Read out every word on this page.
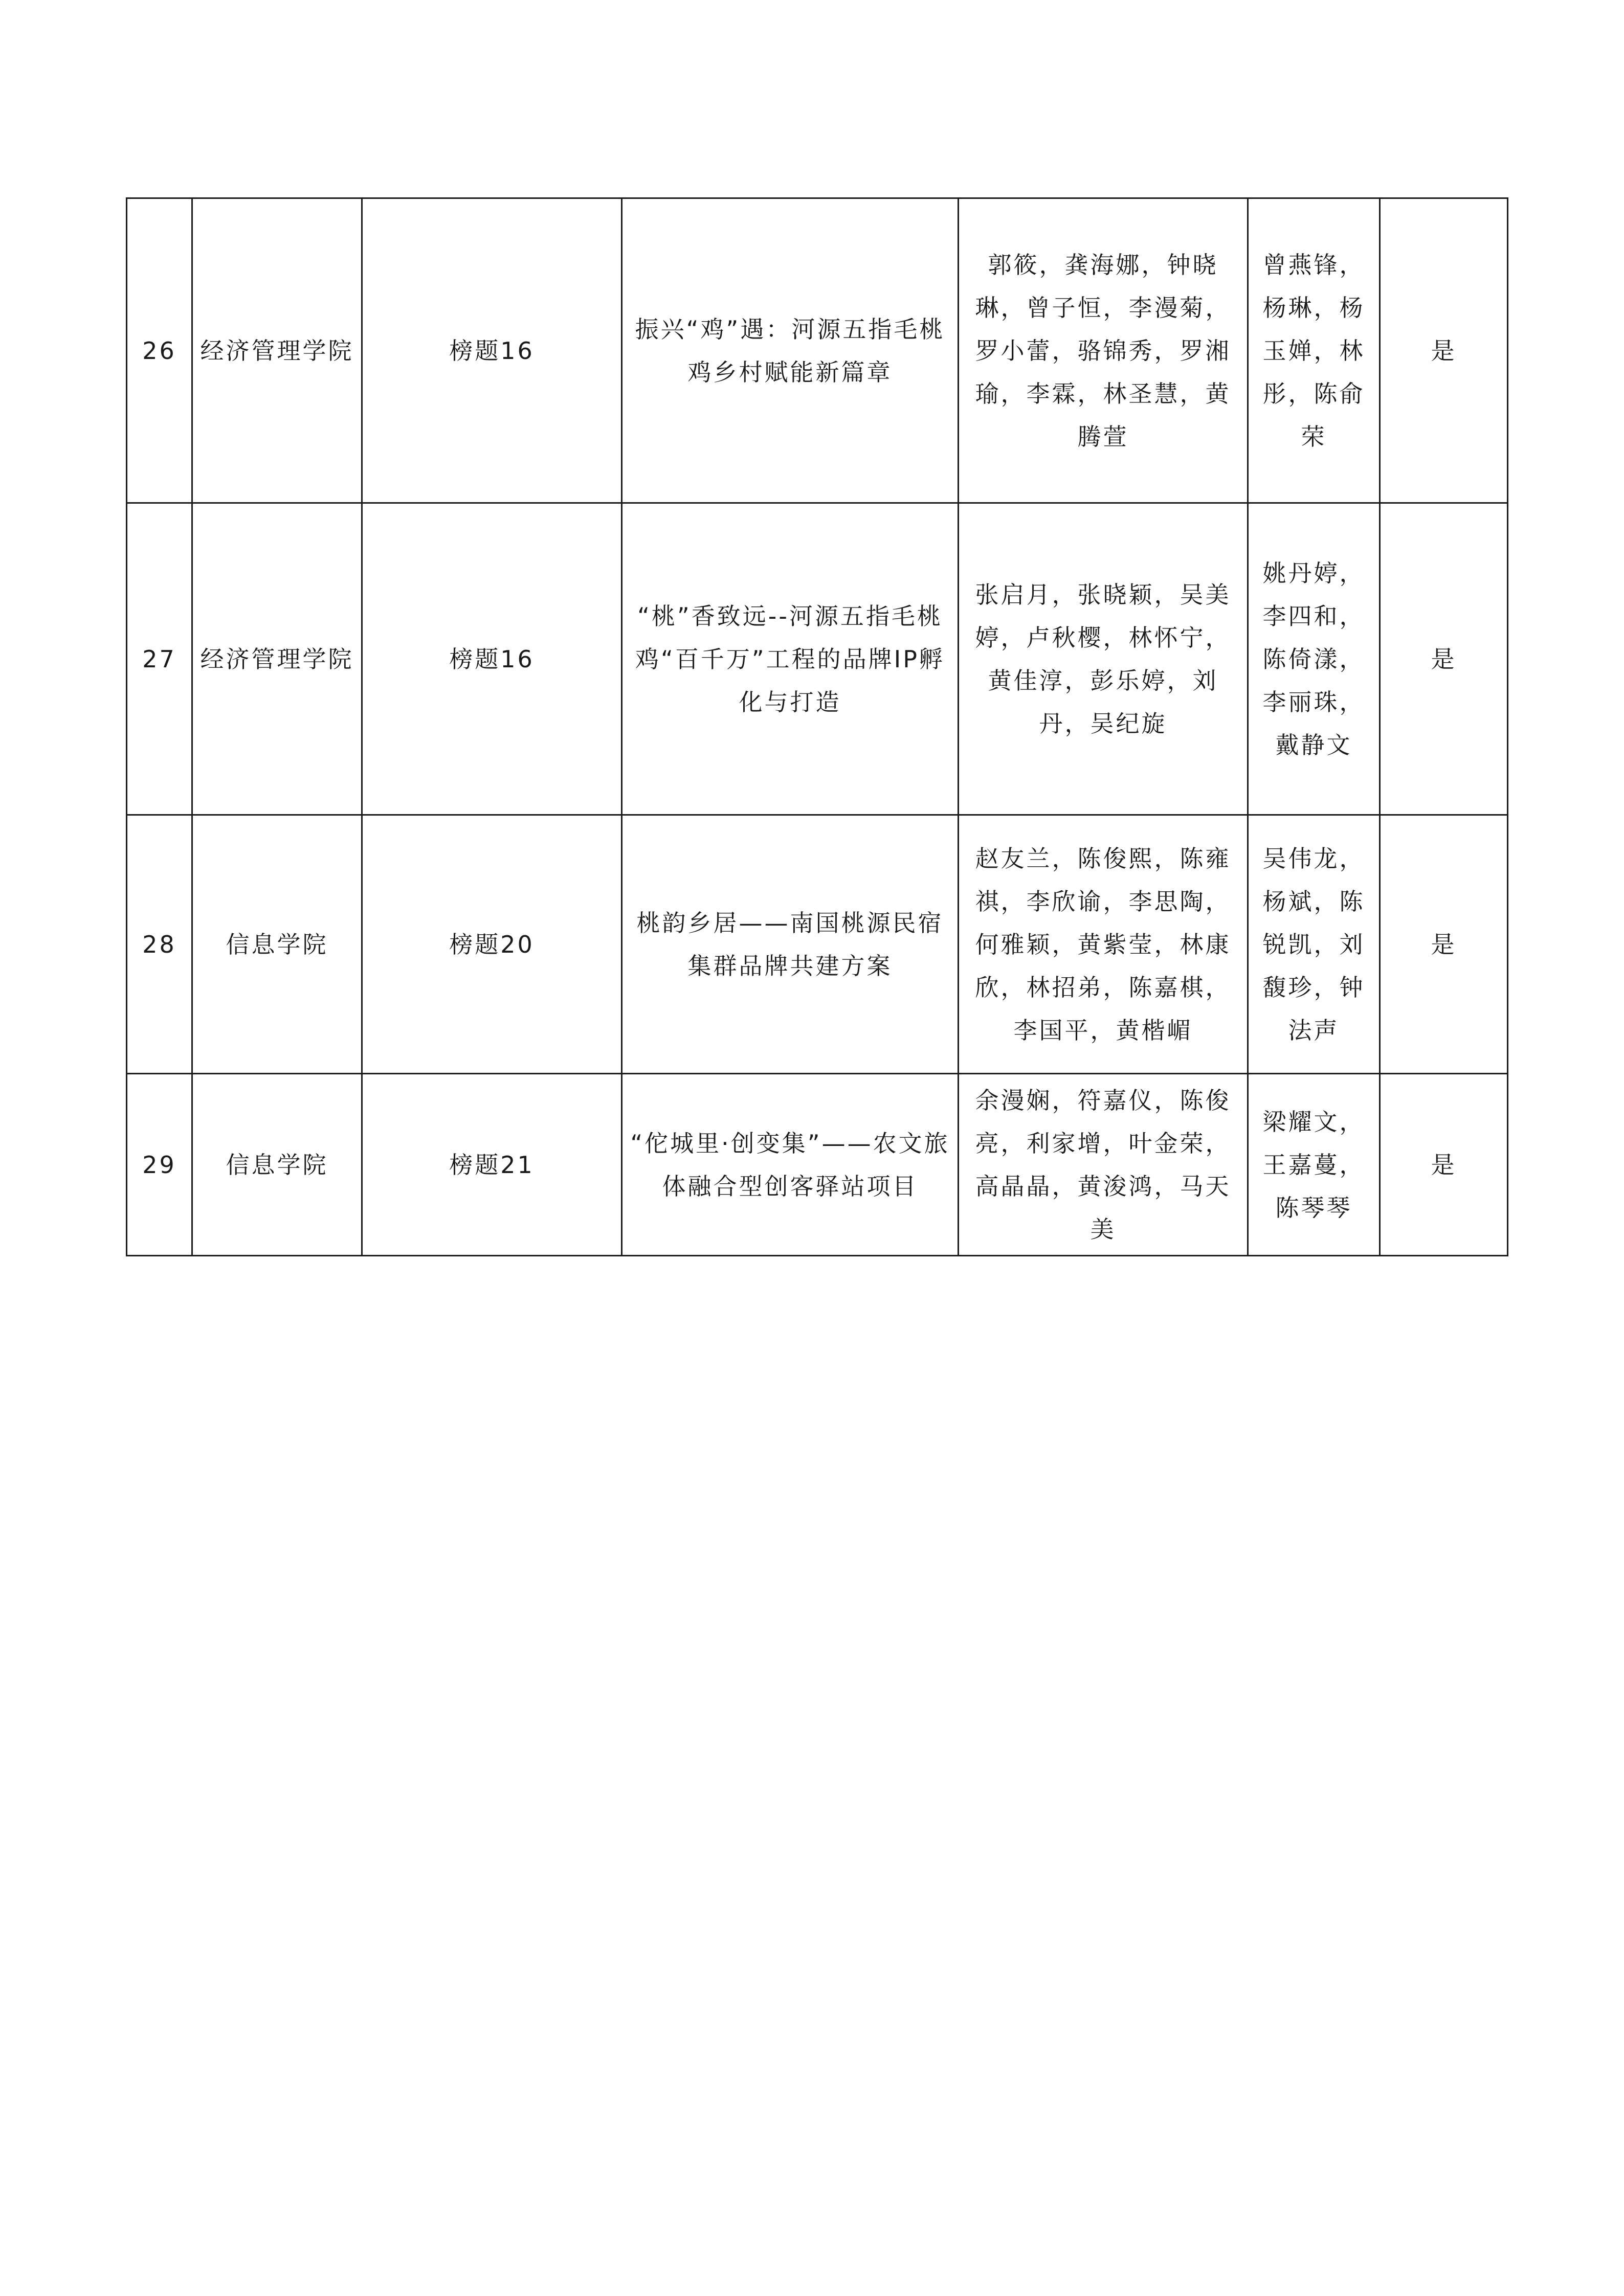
26	经济管理学院	榜题16	振兴“鸡”遇：河源五指毛桃鸡乡村赋能新篇章	郭筱，龚海娜，钟晓琳，曾子恒，李漫菊，罗小蕾，骆锦秀，罗湘瑜，李霖，林圣慧，黄腾萱	曾燕锋，杨琳，杨玉婵，林彤，陈俞荣	是
27	经济管理学院	榜题16	“桃”香致远--河源五指毛桃鸡“百千万”工程的品牌IP孵化与打造	张启月，张晓颖，吴美婷，卢秋樱，林怀宁，黄佳淳，彭乐婷，刘丹，吴纪旋	姚丹婷，李四和，陈倚漾，李丽珠，戴静文	是
28	信息学院	榜题20	桃韵乡居——南国桃源民宿集群品牌共建方案	赵友兰，陈俊熙，陈雍祺，李欣谕，李思陶，何雅颖，黄紫莹，林康欣，林招弟，陈嘉棋，李国平，黄楷嵋	吴伟龙，杨斌，陈锐凯，刘馥珍，钟法声	是
29	信息学院	榜题21	“佗城里·创变集”——农文旅体融合型创客驿站项目	余漫娴，符嘉仪，陈俊亮，利家增，叶金荣，高晶晶，黄浚鸿，马天美	梁耀文，王嘉蔓，陈琴琴	是
